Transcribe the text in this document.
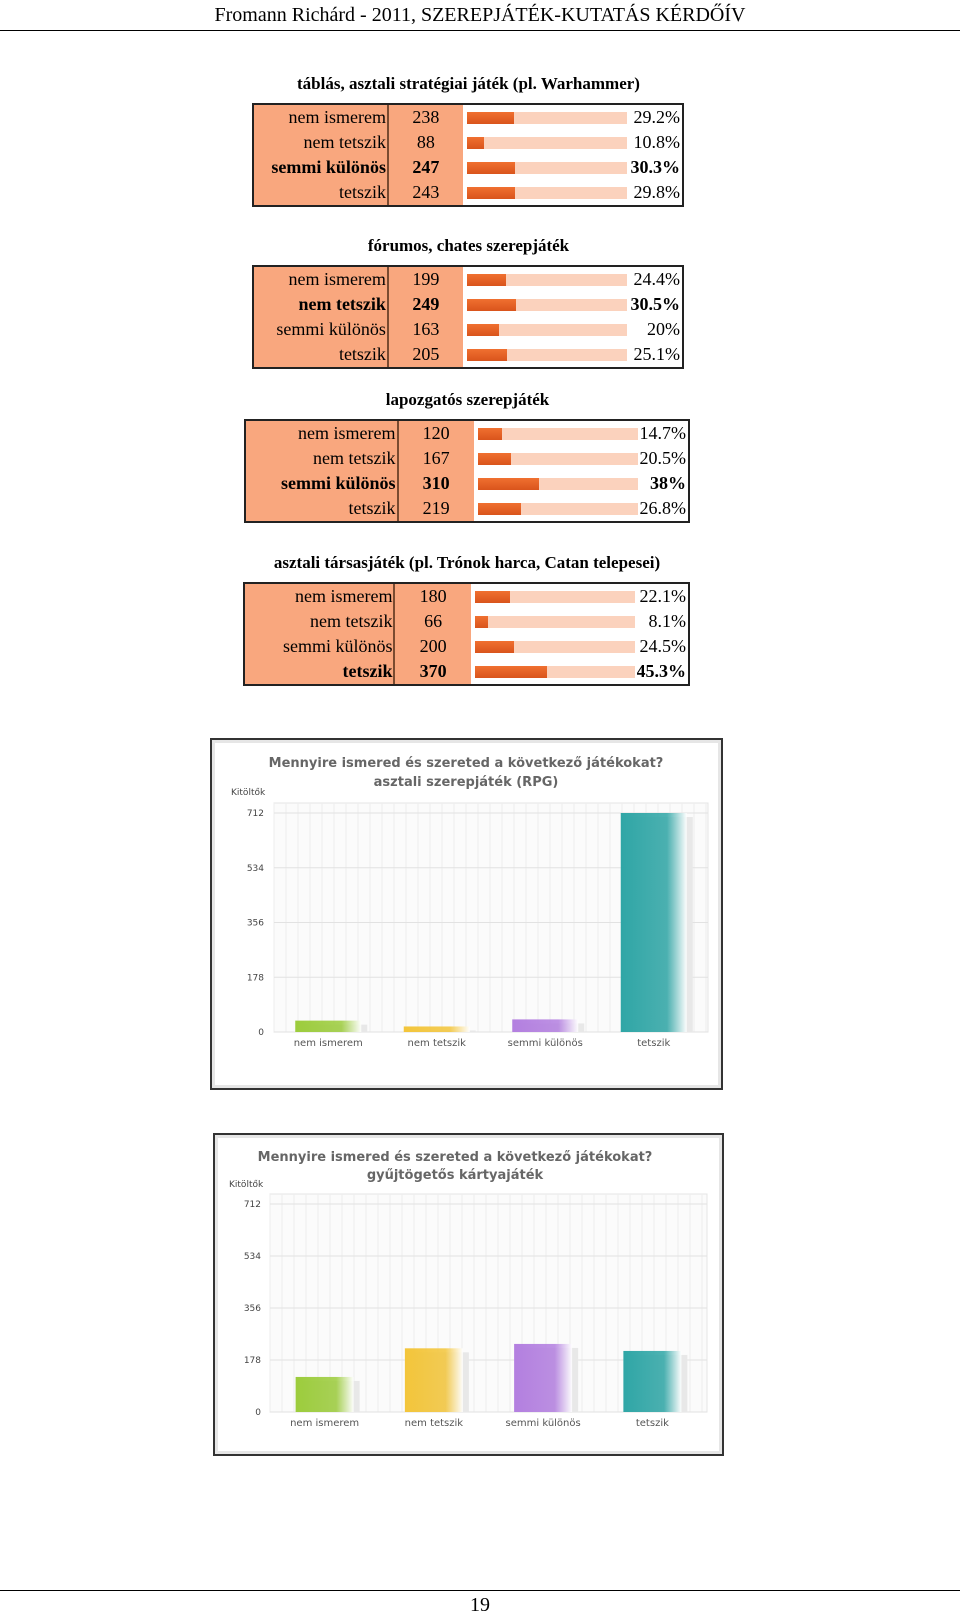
Fromann Richárd - 2011, SZEREPJÁTÉK-KUTATÁS KÉRDŐÍV
táblás, asztali stratégiai játék (pl. Warhammer)
nem ismerem	238		29.2%
nem tetszik	88		10.8%
semmi különös	247		30.3%
tetszik	243		29.8%
fórumos, chates szerepjáték
nem ismerem	199		24.4%
nem tetszik	249		30.5%
semmi különös	163		20%
tetszik	205		25.1%
lapozgatós szerepjáték
nem ismerem	120		14.7%
nem tetszik	167		20.5%
semmi különös	310		38%
tetszik	219		26.8%
asztali társasjáték (pl. Trónok harca, Catan telepesei)
nem ismerem	180		22.1%
nem tetszik	66		8.1%
semmi különös	200		24.5%
tetszik	370		45.3%
Mennyire ismered és szereted a következő játékokat?
asztali szerepjáték (RPG)
Kitöltők
712
534
356
178
0
nem ismerem	nem tetszik	semmi különös	tetszik
Mennyire ismered és szereted a következő játékokat?
gyűjtögetős kártyajáték
Kitöltők
712
534
356
178
0
nem ismerem	nem tetszik	semmi különös	tetszik
19
